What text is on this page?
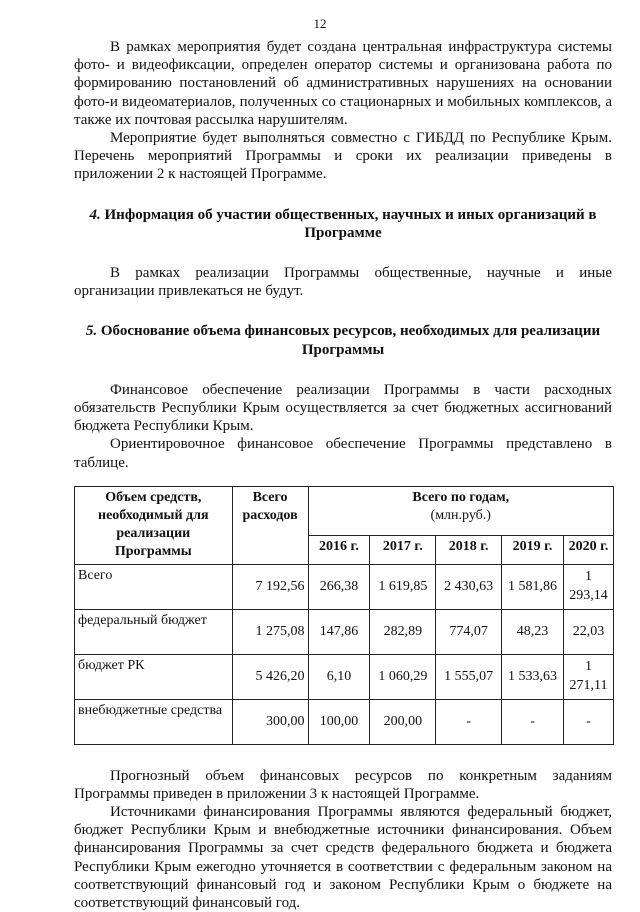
12

В рамках мероприятия будет создана центральная инфраструктура системы фото- и видеофиксации, определен оператор системы и организована работа по формированию постановлений об административных нарушениях на основании фото-и видеоматериалов, полученных со стационарных и мобильных комплексов, а также их почтовая рассылка нарушителям.

Мероприятие будет выполняться совместно с ГИБДД по Республике Крым. Перечень мероприятий Программы и сроки их реализации приведены в приложении 2 к настоящей Программе.

4. Информация об участии общественных, научных и иных организаций в Программе

В рамках реализации Программы общественные, научные и иные организации привлекаться не будут.

5. Обоснование объема финансовых ресурсов, необходимых для реализации Программы

Финансовое обеспечение реализации Программы в части расходных обязательств Республики Крым осуществляется за счет бюджетных ассигнований бюджета Республики Крым.

Ориентировочное финансовое обеспечение Программы представлено в таблице.

Объем средств, необходимый для реализации Программы	Всего расходов	Всего по годам,
(млн.руб.)				

		2016 г.	2017 г.	2018 г.	2019 г.	2020 г.
Всего	7 192,56	266,38	1 619,85	2 430,63	1 581,86	1 293,14
федеральный бюджет	1 275,08	147,86	282,89	774,07	48,23	22,03
бюджет РК	5 426,20	6,10	1 060,29	1 555,07	1 533,63	1 271,11
внебюджетные средства	300,00	100,00	200,00	-	-	-

Прогнозный объем финансовых ресурсов по конкретным заданиям Программы приведен в приложении 3 к настоящей Программе.

Источниками финансирования Программы являются федеральный бюджет, бюджет Республики Крым и внебюджетные источники финансирования. Объем финансирования Программы за счет средств федерального бюджета и бюджета Республики Крым ежегодно уточняется в соответствии с федеральным законом на соответствующий финансовый год и законом Республики Крым о бюджете на соответствующий финансовый год.
